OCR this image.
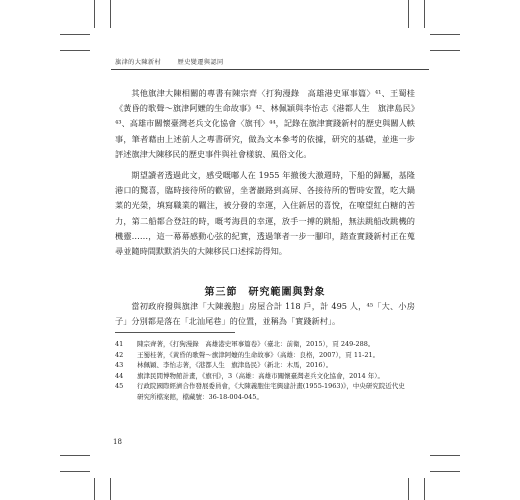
旗津的大陳新村	歷史變遷與認同

其他旗津大陳相關的專書有陳宗齊〈打狗漫錄　高雄港史軍事篇〉⁴¹、王蜀桂《黃昏的歌聲～旗津阿嬤的生命故事》⁴²、林佩穎與李怡志《港都人生　旗津島民》⁴³、高雄市關懷臺灣老兵文化協會〈旗刊〉⁴⁴，記錄在旗津實踐新村的歷史與關人軼事，筆者藉由上述前人之專書研究，做為文本參考的依據，研究的基礎，並進一步評述旗津大陳移民的歷史事件與社會樣貌、風俗文化。

期望讀者透過此文，感受嘅嘟人在 1955 年撤後大激週時，下船的歸屬，基隆港口的驚喜，臨時接待所的歡留，坐著巖路到高屏、各接待所的暫時安置，吃大鍋菜的光榮，填寫職業的羈注，被分發的幸運，入住新居的喜悅，在嘹望紅白糖的苦力，第二船都合登註的時，嘅考海員的幸運，放手一搏的跳船，無法跳船改跳機的機靈……，這一幕幕感動心弦的紀實，透過筆者一步一腳印，踏查實踐新村正在蒐尋並隨時間默默消失的大陳移民口述採訪得知。

第三節　研究範圍與對象

當初政府撥與旗津「大陳義胞」房屋合計 118 戶，計 495 人，⁴⁵「大、小房子」分別都是落在「北汕尾巷」的位置，並稱為「實踐新村」。

41	陳宗齊著，《打狗漫錄　高雄港史軍事篇卷》（臺北：前衛，2015），頁 249-288。
42	王蜀桂著，《黃昏的歌聲～旗津阿嬤的生命故事》（高雄：良格，2007），頁 11-21。
43	林佩穎、李怡志著，《港都人生　旗津島民》（新北：木馬，2016）。
44	旗津民間博物館計畫，《旗刊》，3（高雄：高雄市關懷臺灣老兵文化協會，2014 年）。
45	行政院國際經濟合作發展委員會，《大陳義胞住宅興建計畫(1955-1963)》，中央研究院近代史研究所檔案館，檔藏號：36-18-004-045。
18
